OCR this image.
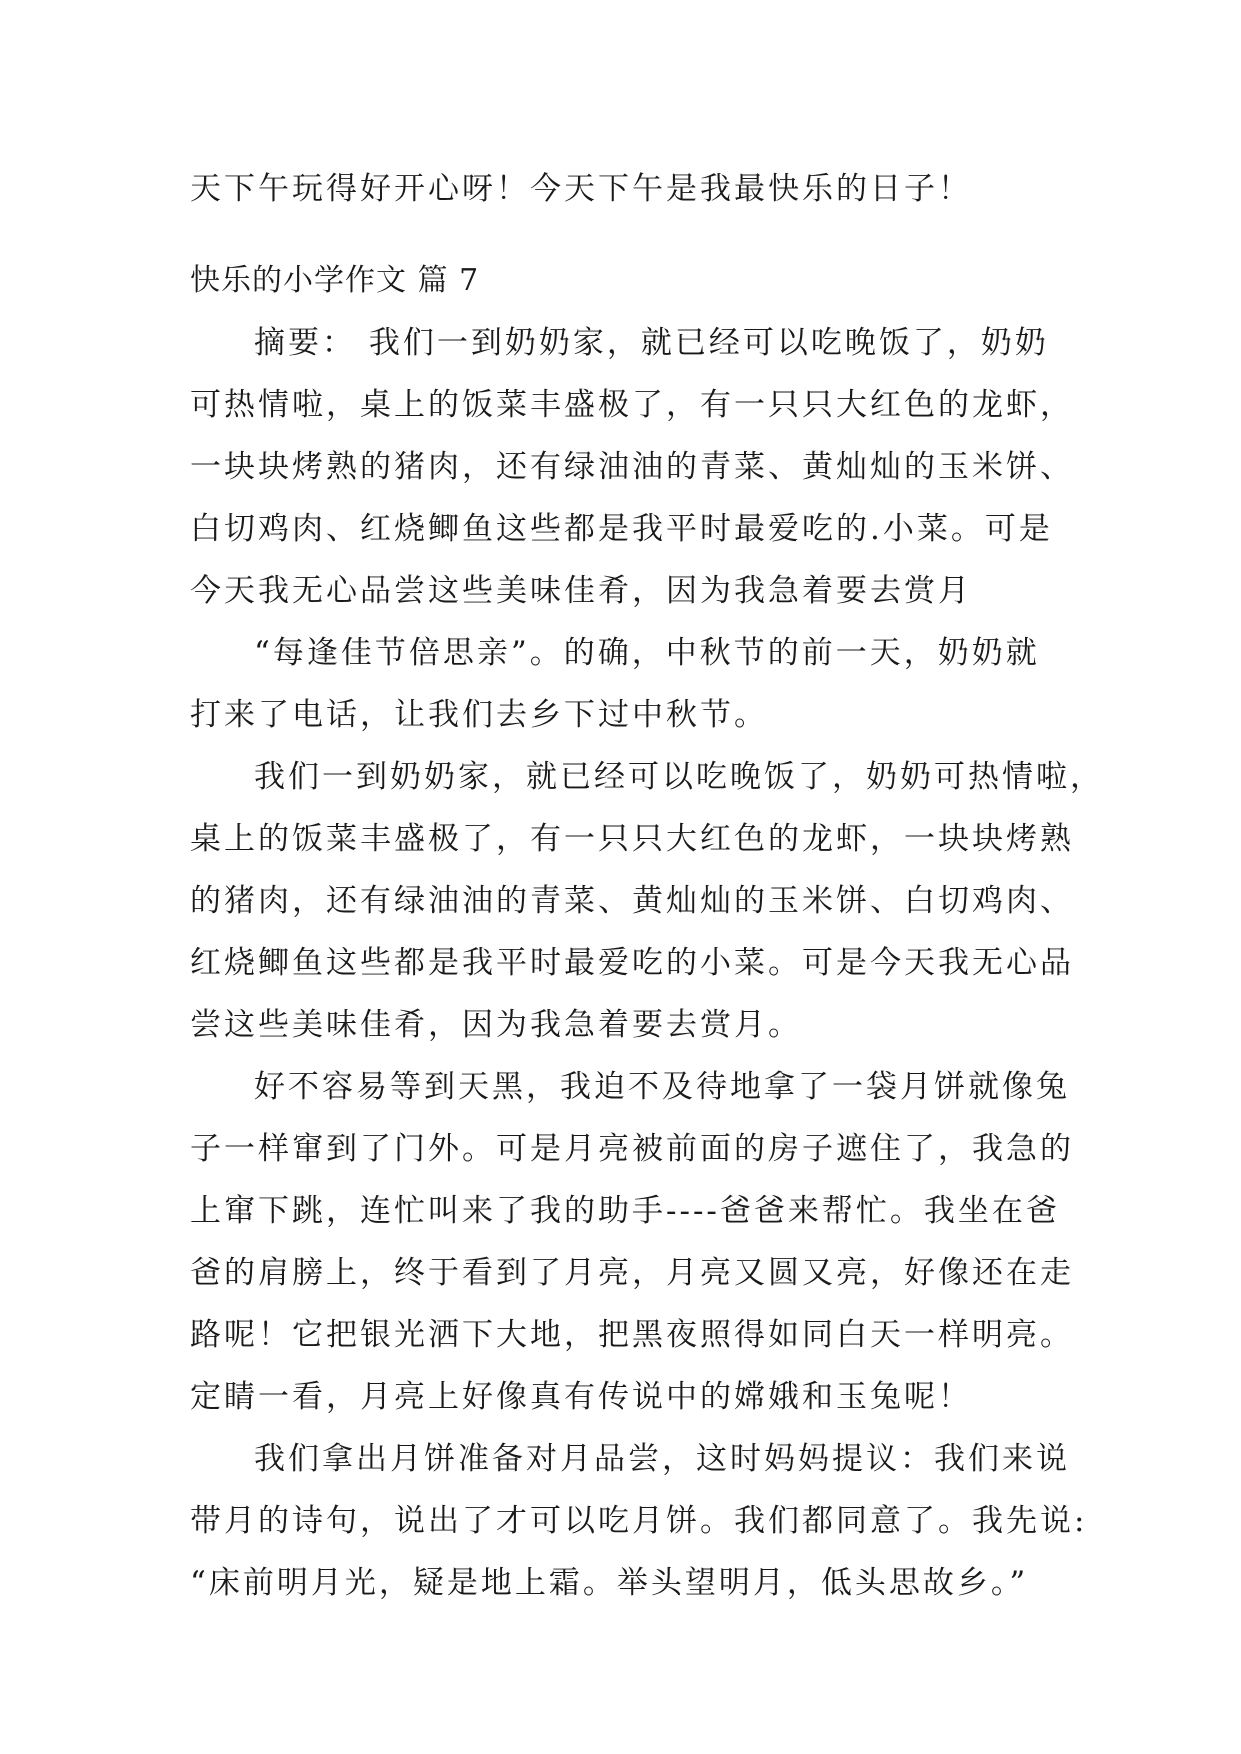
天下午玩得好开心呀！今天下午是我最快乐的日子！
快乐的小学作文 篇 7
摘要： 我们一到奶奶家，就已经可以吃晚饭了，奶奶
可热情啦，桌上的饭菜丰盛极了，有一只只大红色的龙虾，
一块块烤熟的猪肉，还有绿油油的青菜、黄灿灿的玉米饼、
白切鸡肉、红烧鲫鱼这些都是我平时最爱吃的.小菜。可是
今天我无心品尝这些美味佳肴，因为我急着要去赏月
“每逢佳节倍思亲”。的确，中秋节的前一天，奶奶就
打来了电话，让我们去乡下过中秋节。
我们一到奶奶家，就已经可以吃晚饭了，奶奶可热情啦，
桌上的饭菜丰盛极了，有一只只大红色的龙虾，一块块烤熟
的猪肉，还有绿油油的青菜、黄灿灿的玉米饼、白切鸡肉、
红烧鲫鱼这些都是我平时最爱吃的小菜。可是今天我无心品
尝这些美味佳肴，因为我急着要去赏月。
好不容易等到天黑，我迫不及待地拿了一袋月饼就像兔
子一样窜到了门外。可是月亮被前面的房子遮住了，我急的
上窜下跳，连忙叫来了我的助手----爸爸来帮忙。我坐在爸
爸的肩膀上，终于看到了月亮，月亮又圆又亮，好像还在走
路呢！它把银光洒下大地，把黑夜照得如同白天一样明亮。
定睛一看，月亮上好像真有传说中的嫦娥和玉兔呢！
我们拿出月饼准备对月品尝，这时妈妈提议：我们来说
带月的诗句，说出了才可以吃月饼。我们都同意了。我先说:
“床前明月光，疑是地上霜。举头望明月，低头思故乡。”
